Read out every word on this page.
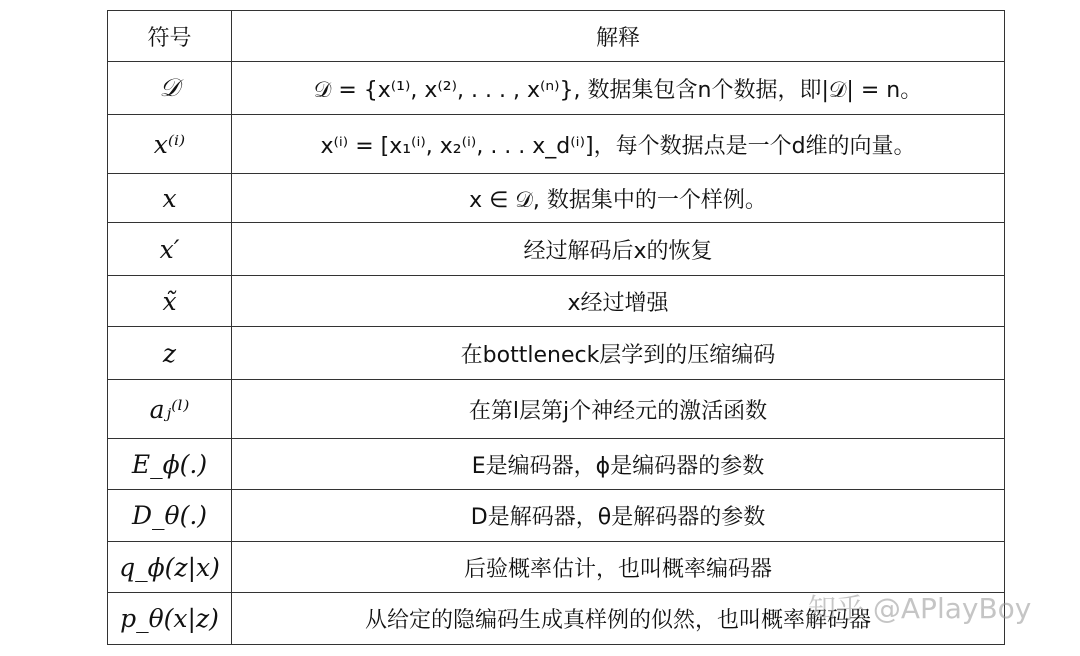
符号	解释
𝒟	𝒟 = {x⁽¹⁾, x⁽²⁾, . . . , x⁽ⁿ⁾}, 数据集包含n个数据，即|𝒟| = n。
x⁽ⁱ⁾	x⁽ⁱ⁾ = [x₁⁽ⁱ⁾, x₂⁽ⁱ⁾, . . . x_d⁽ⁱ⁾]，每个数据点是一个d维的向量。
x	x ∈ 𝒟, 数据集中的一个样例。
x′	经过解码后x的恢复
x̃	x经过增强
z	在bottleneck层学到的压缩编码
aⱼ⁽ˡ⁾	在第l层第j个神经元的激活函数
E_ϕ(.)	E是编码器，ϕ是编码器的参数
D_θ(.)	D是解码器，θ是解码器的参数
q_ϕ(z|x)	后验概率估计，也叫概率编码器
p_θ(x|z)	从给定的隐编码生成真样例的似然，也叫概率解码器
知乎 @APlayBoy
